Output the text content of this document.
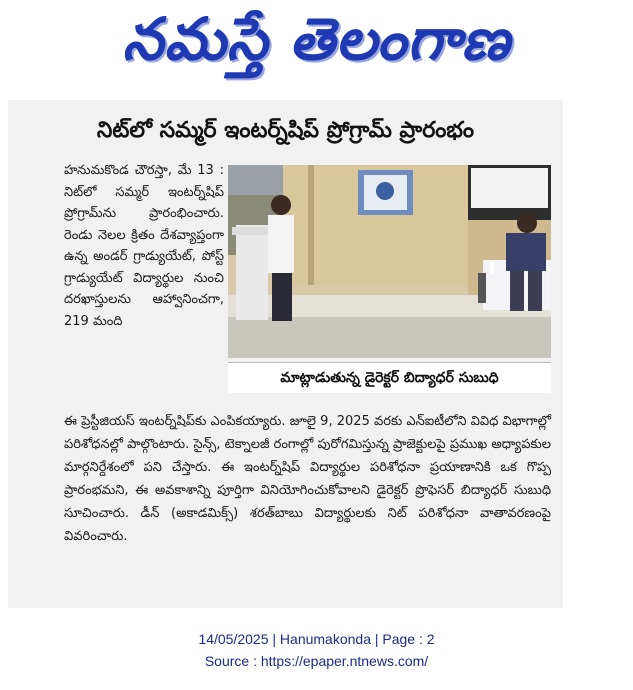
నమస్తే తెలంగాణ
నిట్‌లో సమ్మర్ ఇంటర్న్‌షిప్ ప్రోగ్రామ్ ప్రారంభం

హనుమకొండ చౌరస్తా, మే 13 : నిట్‌లో సమ్మర్ ఇంటర్న్‌షిప్ ప్రోగ్రామ్‌ను ప్రారంభించారు. రెండు నెలల క్రితం దేశవ్యాప్తంగా ఉన్న అండర్ గ్రాడ్యుయేట్, పోస్ట్ గ్రాడ్యుయేట్ విద్యార్థుల నుంచి దరఖాస్తులను ఆహ్వానించగా, 219 మంది

మాట్లాడుతున్న డైరెక్టర్ బిద్యాధర్ సుబుధి
ఈ ప్రెస్టీజియస్ ఇంటర్న్‌షిప్‌కు ఎంపికయ్యారు. జూలై 9, 2025 వరకు ఎన్‌ఐటీలోని వివిధ విభాగాల్లో పరిశోధనల్లో పాల్గొంటారు. సైన్స్, టెక్నాలజీ రంగాల్లో పురోగమిస్తున్న ప్రాజెక్టులపై ప్రముఖ అధ్యాపకుల మార్గనిర్దేశంలో పని చేస్తారు. ఈ ఇంటర్న్‌షిప్ విద్యార్థుల పరిశోధనా ప్రయాణానికి ఒక గొప్ప ప్రారంభమని, ఈ అవకాశాన్ని పూర్తిగా వినియోగించుకోవాలని డైరెక్టర్ ప్రొఫెసర్ బిద్యాధర్ సుబుధి సూచించారు. డీన్ (అకాడమిక్స్) శరత్‌బాబు విద్యార్థులకు నిట్ పరిశోధనా వాతావరణంపై వివరించారు.
14/05/2025 | Hanumakonda | Page : 2
Source : https://epaper.ntnews.com/
